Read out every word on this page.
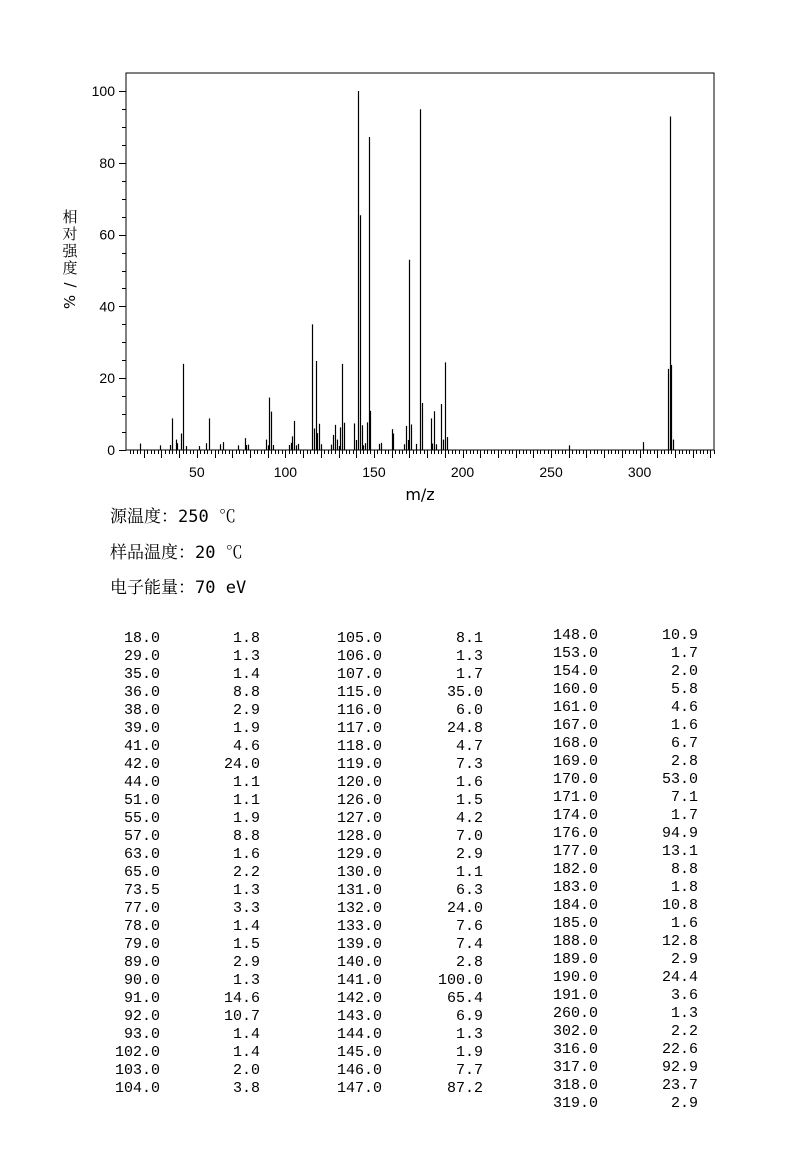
50	100	150	200	250	300
0
20
40
60
80
100
相
对
强
度
/
%
m/z
源温度：250 ℃
样品温度：20 ℃
电子能量：70 eV
18.0	1.8
29.0	1.3
35.0	1.4
36.0	8.8
38.0	2.9
39.0	1.9
41.0	4.6
42.0	24.0
44.0	1.1
51.0	1.1
55.0	1.9
57.0	8.8
63.0	1.6
65.0	2.2
73.5	1.3
77.0	3.3
78.0	1.4
79.0	1.5
89.0	2.9
90.0	1.3
91.0	14.6
92.0	10.7
93.0	1.4
102.0	1.4
103.0	2.0
104.0	3.8
105.0	8.1
106.0	1.3
107.0	1.7
115.0	35.0
116.0	6.0
117.0	24.8
118.0	4.7
119.0	7.3
120.0	1.6
126.0	1.5
127.0	4.2
128.0	7.0
129.0	2.9
130.0	1.1
131.0	6.3
132.0	24.0
133.0	7.6
139.0	7.4
140.0	2.8
141.0	100.0
142.0	65.4
143.0	6.9
144.0	1.3
145.0	1.9
146.0	7.7
147.0	87.2
148.0	10.9
153.0	1.7
154.0	2.0
160.0	5.8
161.0	4.6
167.0	1.6
168.0	6.7
169.0	2.8
170.0	53.0
171.0	7.1
174.0	1.7
176.0	94.9
177.0	13.1
182.0	8.8
183.0	1.8
184.0	10.8
185.0	1.6
188.0	12.8
189.0	2.9
190.0	24.4
191.0	3.6
260.0	1.3
302.0	2.2
316.0	22.6
317.0	92.9
318.0	23.7
319.0	2.9
